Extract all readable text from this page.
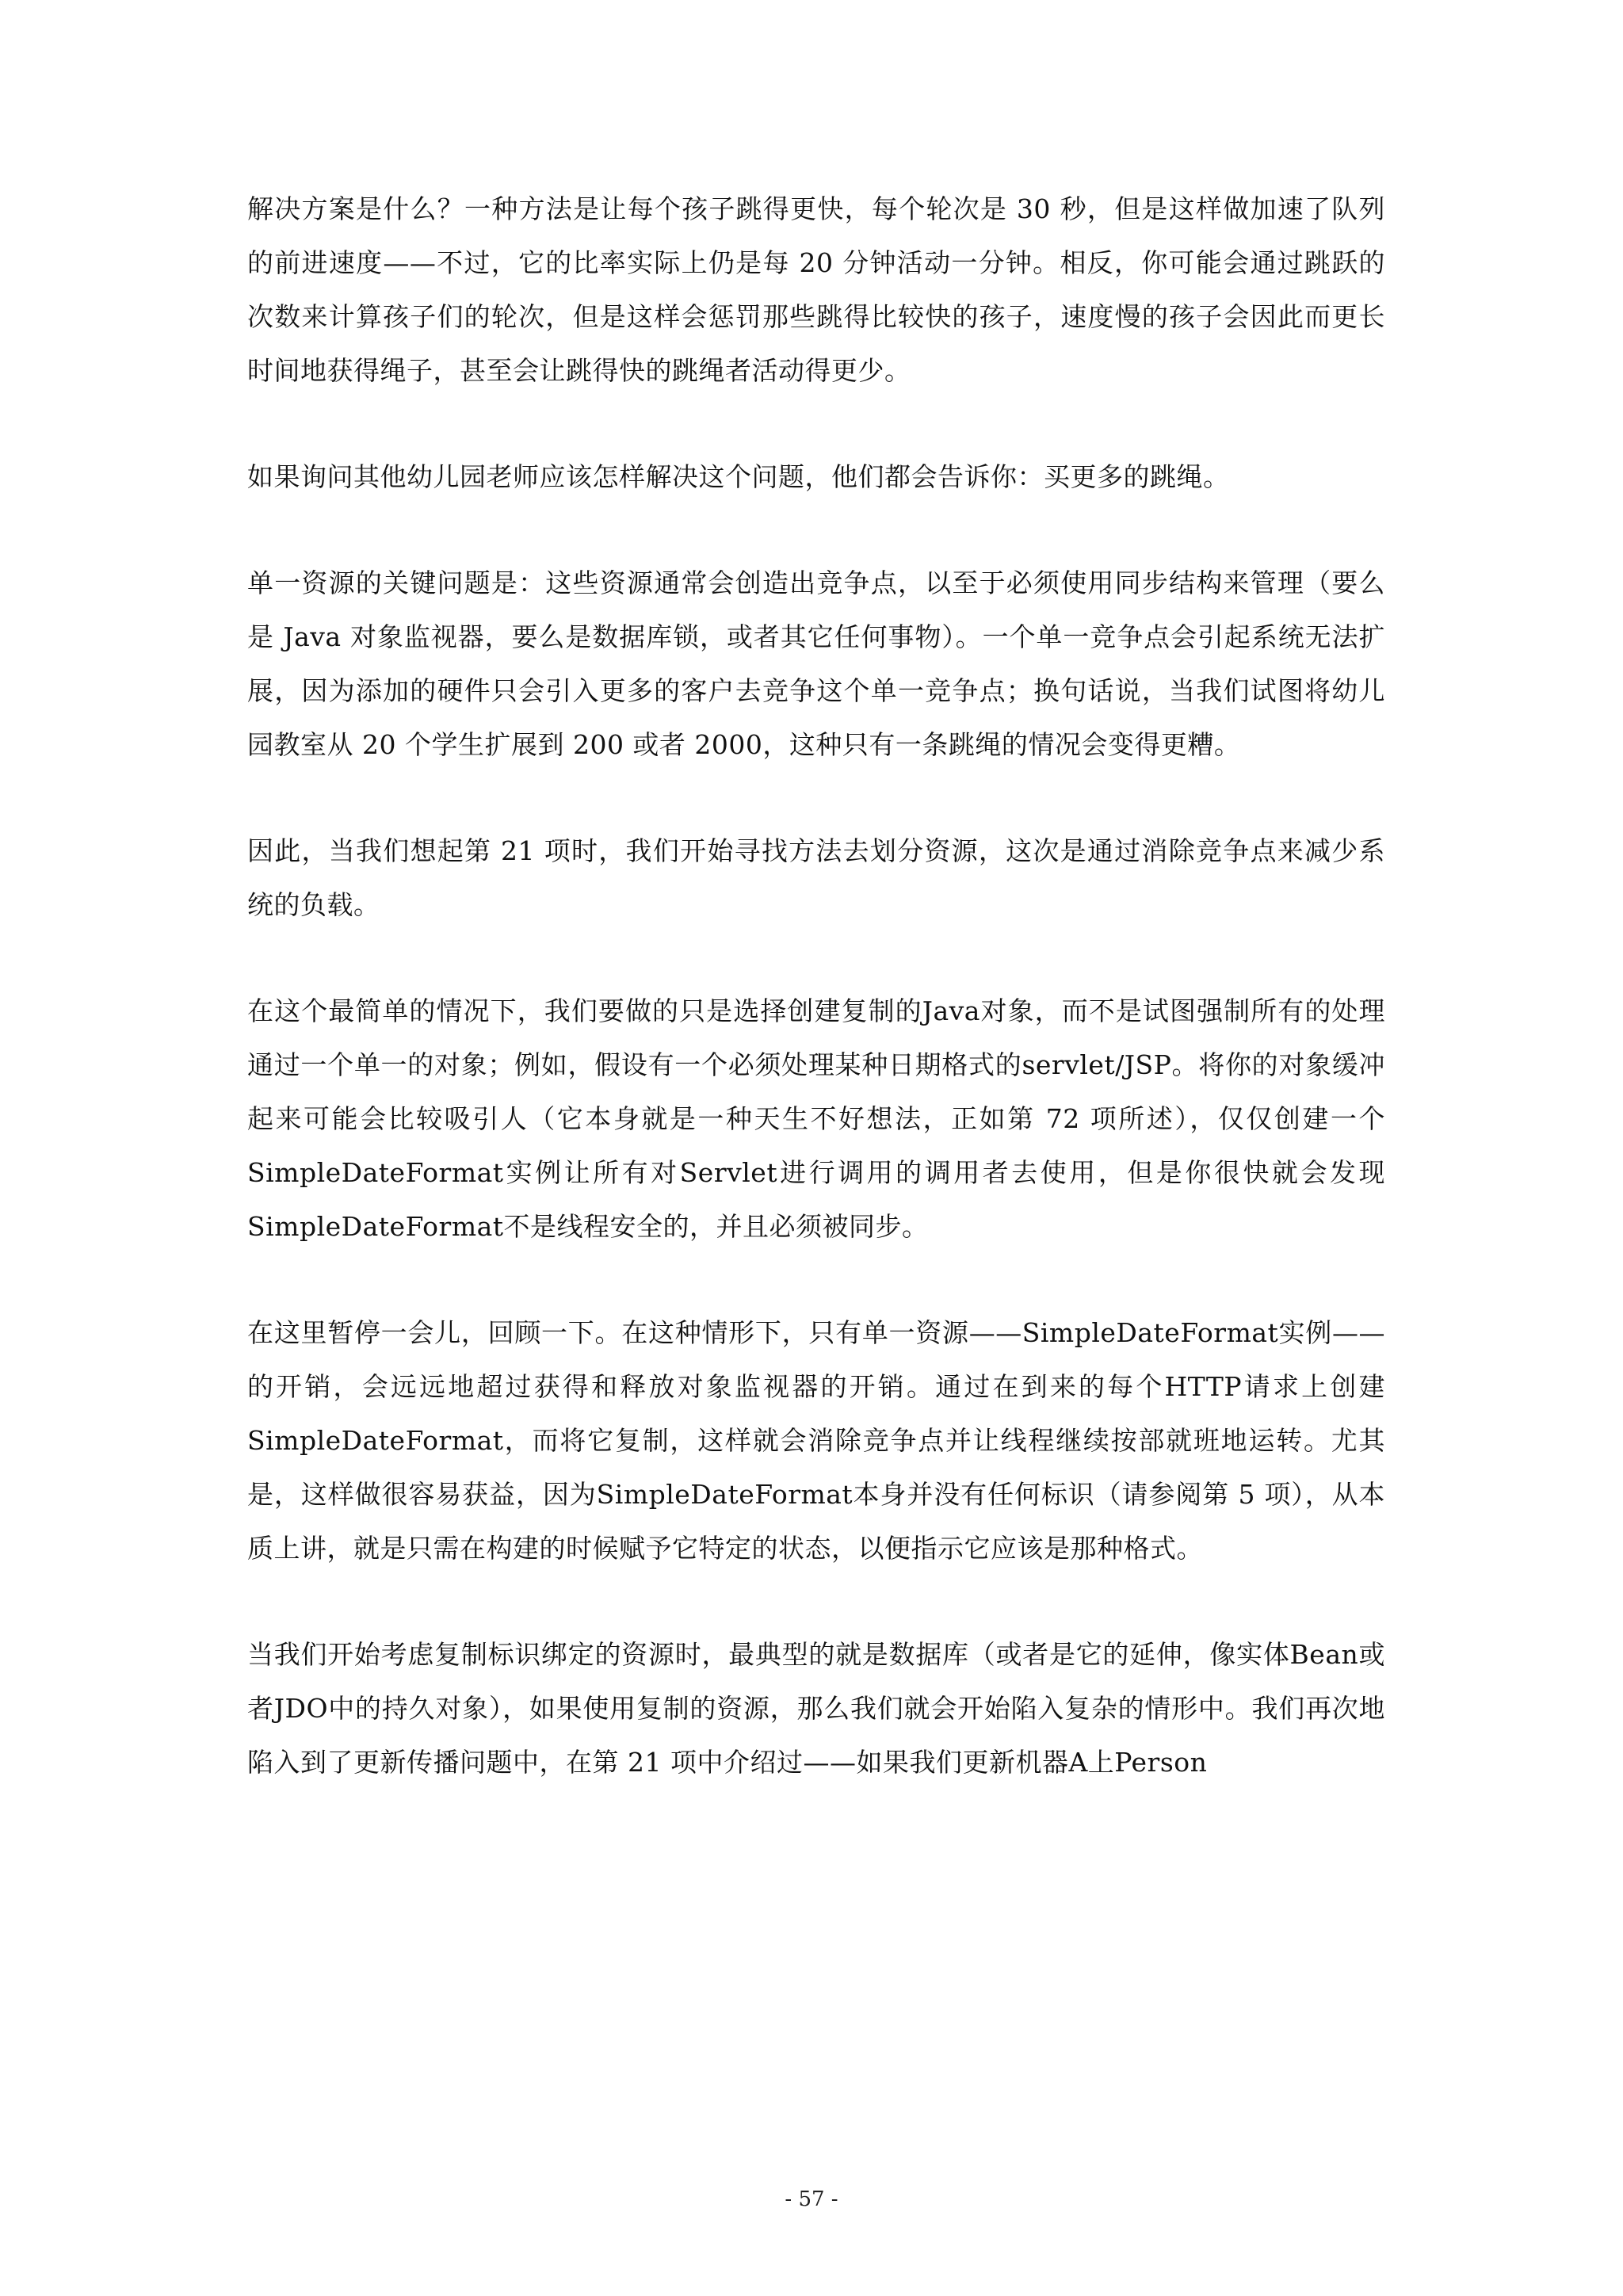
解决方案是什么？一种方法是让每个孩子跳得更快，每个轮次是 30 秒，但是这样做加速了队列的前进速度——不过，它的比率实际上仍是每 20 分钟活动一分钟。相反，你可能会通过跳跃的次数来计算孩子们的轮次，但是这样会惩罚那些跳得比较快的孩子，速度慢的孩子会因此而更长时间地获得绳子，甚至会让跳得快的跳绳者活动得更少。

如果询问其他幼儿园老师应该怎样解决这个问题，他们都会告诉你：买更多的跳绳。

单一资源的关键问题是：这些资源通常会创造出竞争点，以至于必须使用同步结构来管理（要么是 Java 对象监视器，要么是数据库锁，或者其它任何事物）。一个单一竞争点会引起系统无法扩展，因为添加的硬件只会引入更多的客户去竞争这个单一竞争点；换句话说，当我们试图将幼儿园教室从 20 个学生扩展到 200 或者 2000，这种只有一条跳绳的情况会变得更糟。

因此，当我们想起第 21 项时，我们开始寻找方法去划分资源，这次是通过消除竞争点来减少系统的负载。

在这个最简单的情况下，我们要做的只是选择创建复制的Java对象，而不是试图强制所有的处理通过一个单一的对象；例如，假设有一个必须处理某种日期格式的servlet/JSP。将你的对象缓冲起来可能会比较吸引人（它本身就是一种天生不好想法，正如第 72 项所述），仅仅创建一个SimpleDateFormat实例让所有对Servlet进行调用的调用者去使用，但是你很快就会发现SimpleDateFormat不是线程安全的，并且必须被同步。

在这里暂停一会儿，回顾一下。在这种情形下，只有单一资源——SimpleDateFormat实例——的开销，会远远地超过获得和释放对象监视器的开销。通过在到来的每个HTTP请求上创建SimpleDateFormat，而将它复制，这样就会消除竞争点并让线程继续按部就班地运转。尤其是，这样做很容易获益，因为SimpleDateFormat本身并没有任何标识（请参阅第 5 项），从本质上讲，就是只需在构建的时候赋予它特定的状态，以便指示它应该是那种格式。

当我们开始考虑复制标识绑定的资源时，最典型的就是数据库（或者是它的延伸，像实体Bean或者JDO中的持久对象），如果使用复制的资源，那么我们就会开始陷入复杂的情形中。我们再次地陷入到了更新传播问题中，在第 21 项中介绍过——如果我们更新机器A上Person

- 57 -
